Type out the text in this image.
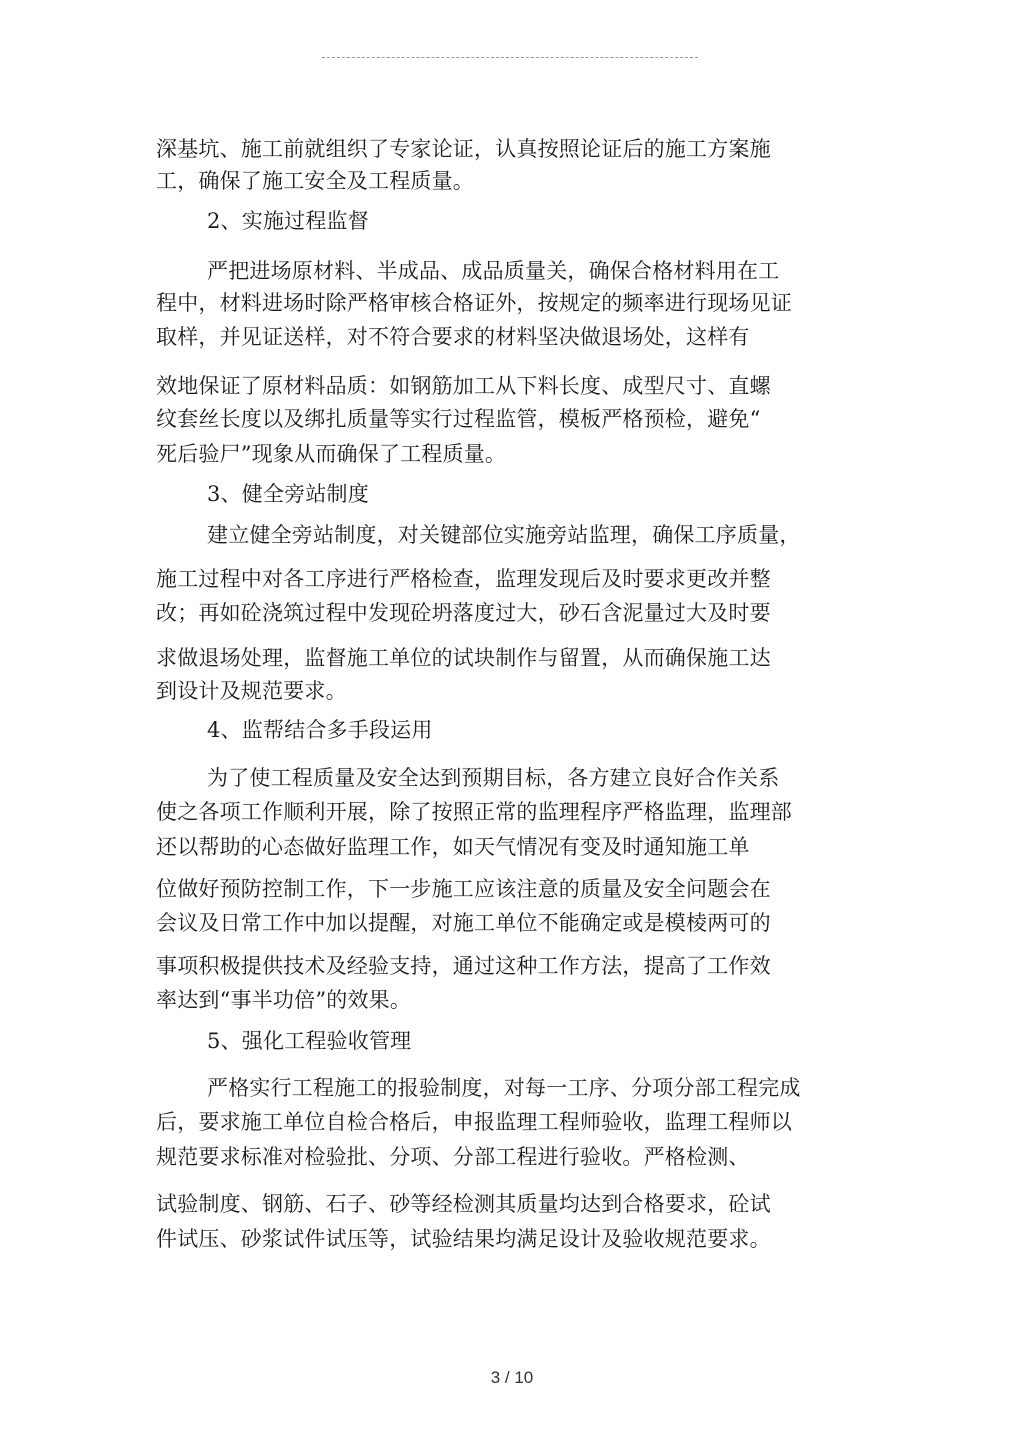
深基坑、施工前就组织了专家论证，认真按照论证后的施工方案施
工，确保了施工安全及工程质量。
2、实施过程监督
严把进场原材料、半成品、成品质量关，确保合格材料用在工
程中，材料进场时除严格审核合格证外，按规定的频率进行现场见证
取样，并见证送样，对不符合要求的材料坚决做退场处，这样有
效地保证了原材料品质：如钢筋加工从下料长度、成型尺寸、直螺
纹套丝长度以及绑扎质量等实行过程监管，模板严格预检，避免“
死后验尸”现象从而确保了工程质量。
3、健全旁站制度
建立健全旁站制度，对关键部位实施旁站监理，确保工序质量，
施工过程中对各工序进行严格检查，监理发现后及时要求更改并整
改；再如砼浇筑过程中发现砼坍落度过大，砂石含泥量过大及时要
求做退场处理，监督施工单位的试块制作与留置，从而确保施工达
到设计及规范要求。
4、监帮结合多手段运用
为了使工程质量及安全达到预期目标，各方建立良好合作关系
使之各项工作顺利开展，除了按照正常的监理程序严格监理，监理部
还以帮助的心态做好监理工作，如天气情况有变及时通知施工单
位做好预防控制工作，下一步施工应该注意的质量及安全问题会在
会议及日常工作中加以提醒，对施工单位不能确定或是模棱两可的
事项积极提供技术及经验支持，通过这种工作方法，提高了工作效
率达到“事半功倍”的效果。
5、强化工程验收管理
严格实行工程施工的报验制度，对每一工序、分项分部工程完成
后，要求施工单位自检合格后，申报监理工程师验收，监理工程师以
规范要求标准对检验批、分项、分部工程进行验收。严格检测、
试验制度、钢筋、石子、砂等经检测其质量均达到合格要求，砼试
件试压、砂浆试件试压等，试验结果均满足设计及验收规范要求。
3 / 10
